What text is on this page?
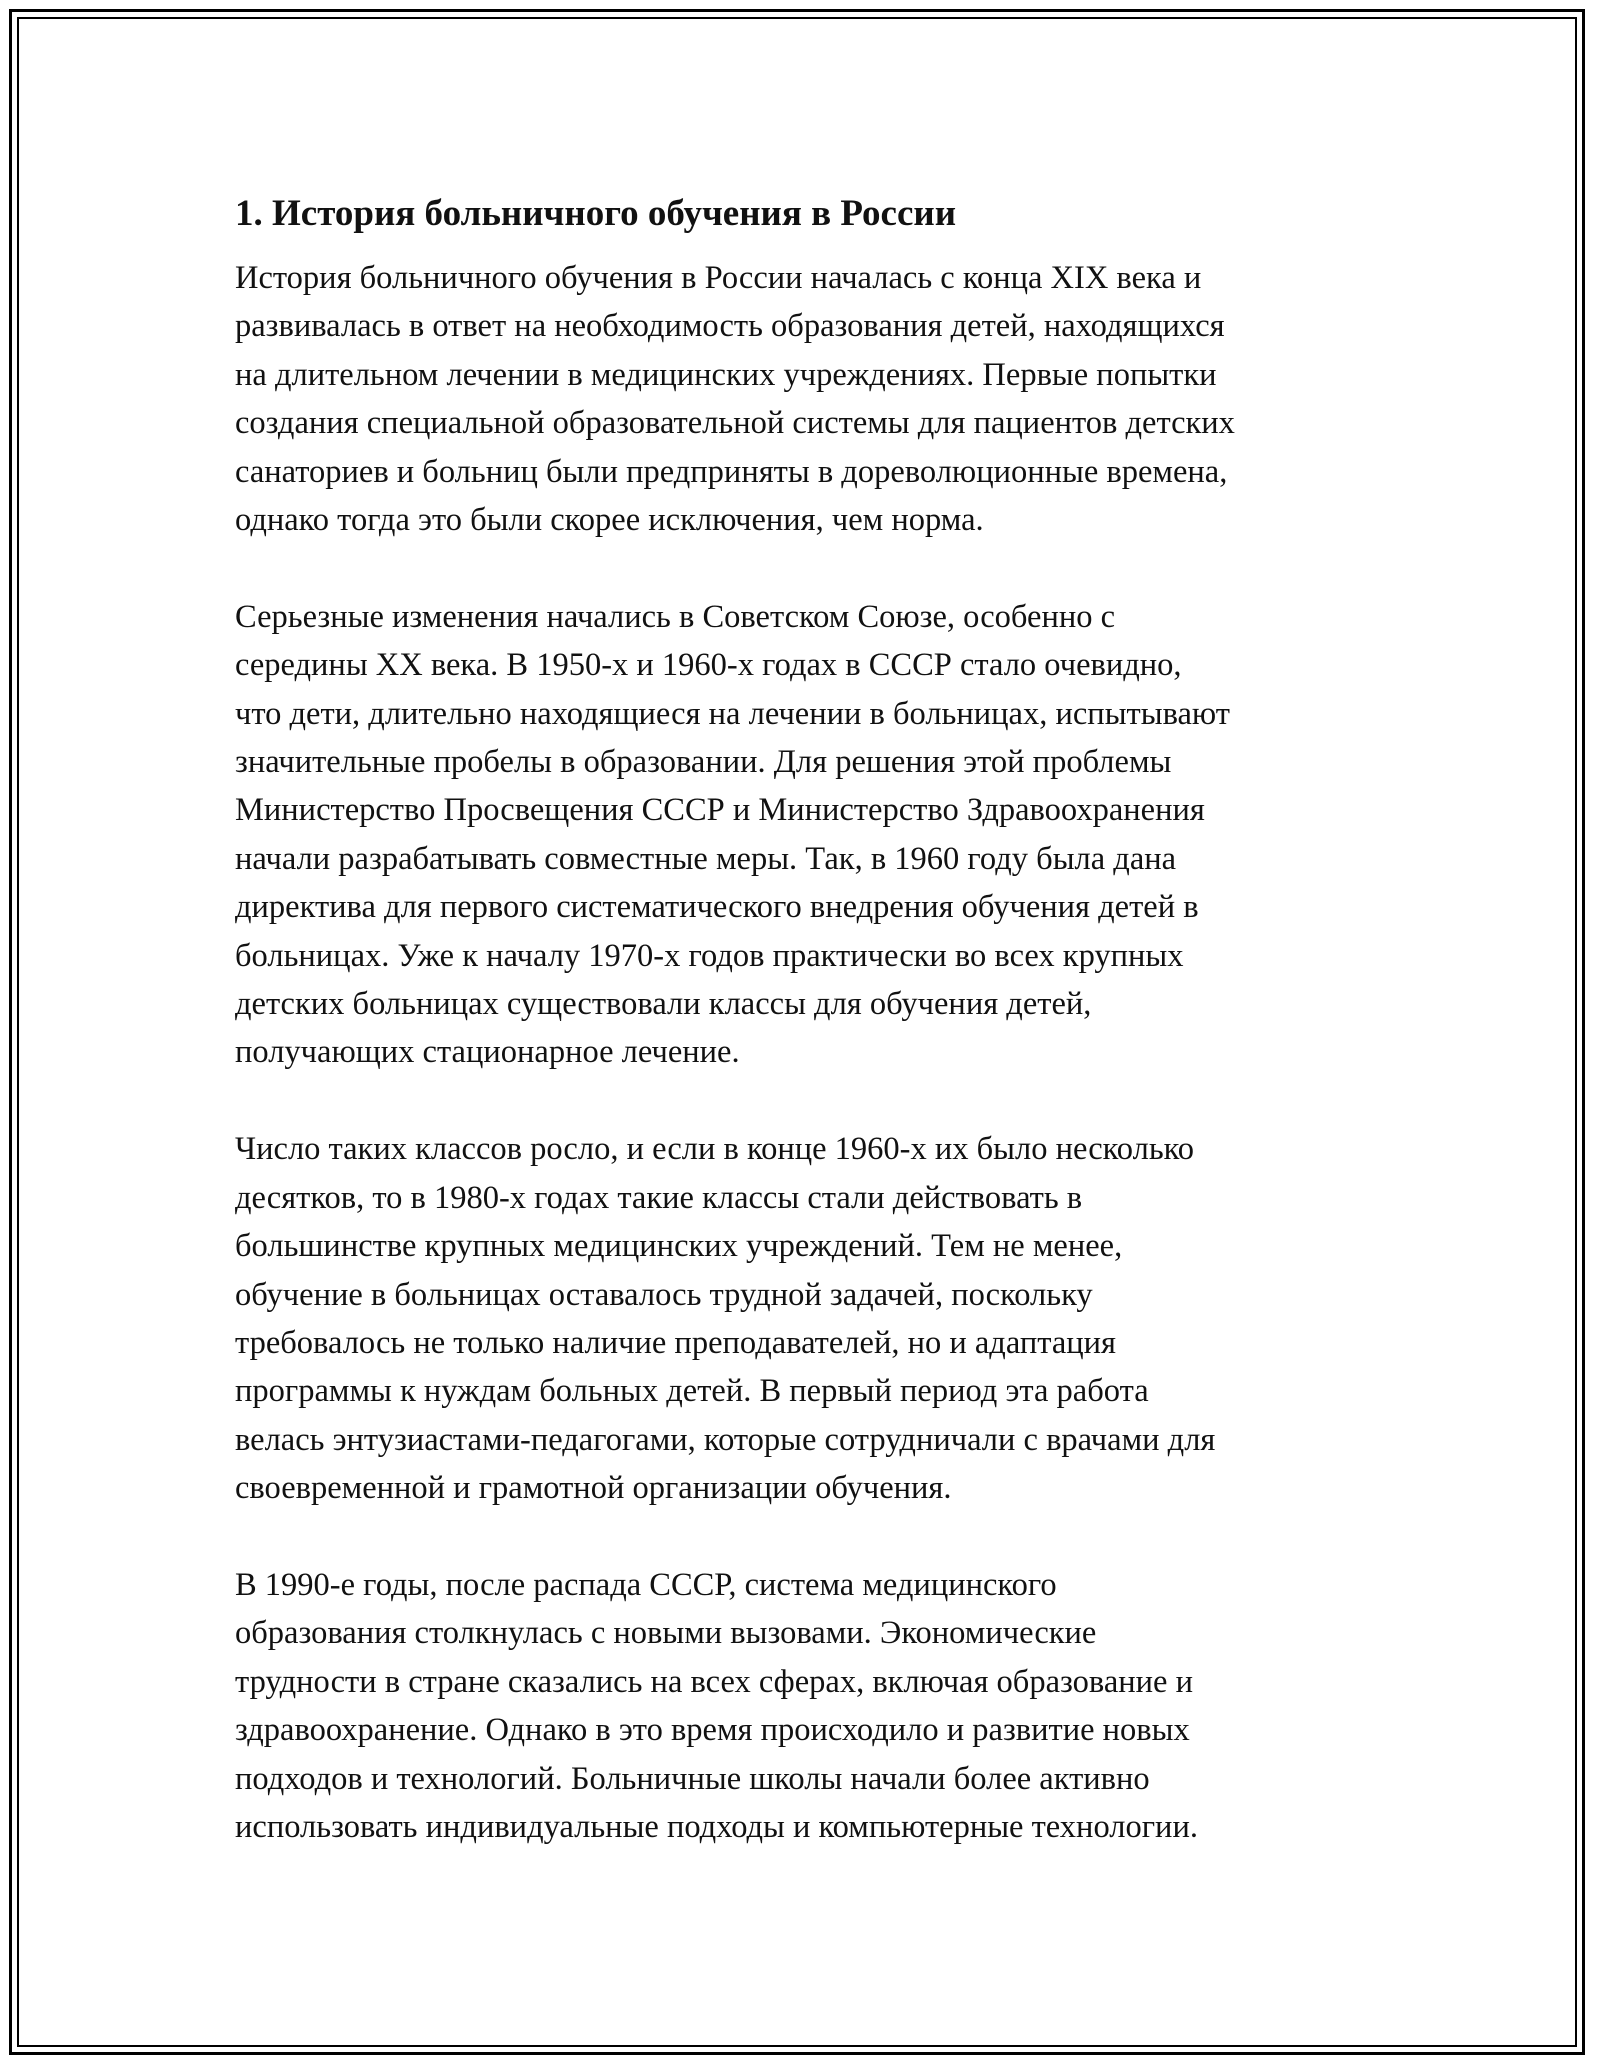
1. История больничного обучения в России
История больничного обучения в России началась с конца XIX века и
развивалась в ответ на необходимость образования детей, находящихся
на длительном лечении в медицинских учреждениях. Первые попытки
создания специальной образовательной системы для пациентов детских
санаториев и больниц были предприняты в дореволюционные времена,
однако тогда это были скорее исключения, чем норма.
Серьезные изменения начались в Советском Союзе, особенно с
середины XX века. В 1950-х и 1960-х годах в СССР стало очевидно,
что дети, длительно находящиеся на лечении в больницах, испытывают
значительные пробелы в образовании. Для решения этой проблемы
Министерство Просвещения СССР и Министерство Здравоохранения
начали разрабатывать совместные меры. Так, в 1960 году была дана
директива для первого систематического внедрения обучения детей в
больницах. Уже к началу 1970-х годов практически во всех крупных
детских больницах существовали классы для обучения детей,
получающих стационарное лечение.
Число таких классов росло, и если в конце 1960-х их было несколько
десятков, то в 1980-х годах такие классы стали действовать в
большинстве крупных медицинских учреждений. Тем не менее,
обучение в больницах оставалось трудной задачей, поскольку
требовалось не только наличие преподавателей, но и адаптация
программы к нуждам больных детей. В первый период эта работа
велась энтузиастами-педагогами, которые сотрудничали с врачами для
своевременной и грамотной организации обучения.
В 1990-е годы, после распада СССР, система медицинского
образования столкнулась с новыми вызовами. Экономические
трудности в стране сказались на всех сферах, включая образование и
здравоохранение. Однако в это время происходило и развитие новых
подходов и технологий. Больничные школы начали более активно
использовать индивидуальные подходы и компьютерные технологии.
